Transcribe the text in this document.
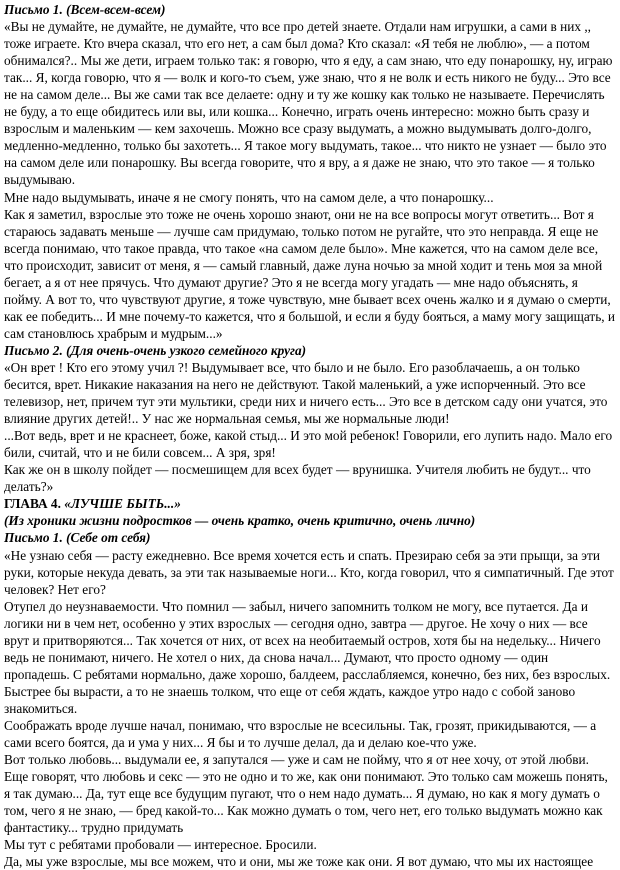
Письмо 1. (Всем-всем-всем)

«Вы не думайте, не думайте, не думайте, что все про детей знаете. Отдали нам игрушки, а сами в них ,, тоже играете. Кто вчера сказал, что его нет, а сам был дома? Кто сказал: «Я тебя не люблю», — а потом обнимался?.. Мы же дети, играем только так: я говорю, что я еду, а сам знаю, что еду понарошку, ну, играю так... Я, когда говорю, что я — волк и кого-то съем, уже знаю, что я не волк и есть никого не буду... Это все не на самом деле... Вы же сами так все делаете: одну и ту же кошку как только не называете. Перечислять не буду, а то еще обидитесь или вы, или кошка... Конечно, играть очень интересно: можно быть сразу и взрослым и маленьким — кем захочешь. Можно все сразу выдумать, а можно выдумывать долго-долго, медленно-медленно, только бы захотеть... Я такое могу выдумать, такое... что никто не узнает — было это на самом деле или понарошку. Вы всегда говорите, что я вру, а я даже не знаю, что это такое — я только выдумываю.

Мне надо выдумывать, иначе я не смогу понять, что на самом деле, а что понарошку...

Как я заметил, взрослые это тоже не очень хорошо знают, они не на все вопросы могут ответить... Вот я стараюсь задавать меньше — лучше сам придумаю, только потом не ругайте, что это неправда. Я еще не всегда понимаю, что такое правда, что такое «на самом деле было». Мне кажется, что на самом деле все, что происходит, зависит от меня, я — самый главный, даже луна ночью за мной ходит и тень моя за мной бегает, а я от нее прячусь. Что думают другие? Это я не всегда могу угадать — мне надо объяснять, я пойму. А вот то, что чувствуют другие, я тоже чувствую, мне бывает всех очень жалко и я думаю о смерти, как ее победить... И мне почему-то кажется, что я большой, и если я буду бояться, а маму могу защищать, и сам становлюсь храбрым и мудрым...»

Письмо 2. (Для очень-очень узкого семейного круга)

«Он врет ! Кто его этому учил ?! Выдумывает все, что было и не было. Его разоблачаешь, а он только бесится, врет. Никакие наказания на него не действуют. Такой маленький, а уже испорченный. Это все телевизор, нет, причем тут эти мультики, среди них и ничего есть... Это все в детском саду они учатся, это влияние других детей!.. У нас же нормальная семья, мы же нормальные люди!

...Вот ведь, врет и не краснеет, боже, какой стыд... И это мой ребенок! Говорили, его лупить надо. Мало его били, считай, что и не били совсем... А зря, зря!

Как же он в школу пойдет — посмешищем для всех будет — врунишка. Учителя любить не будут... что делать?»

ГЛАВА 4. «ЛУЧШЕ БЫТЬ...»

(Из хроники жизни подростков — очень кратко, очень критично, очень лично)

Письмо 1. (Себе от себя)

«Не узнаю себя — расту ежедневно. Все время хочется есть и спать. Презираю себя за эти прыщи, за эти руки, которые некуда девать, за эти так называемые ноги... Кто, когда говорил, что я симпатичный. Где этот человек? Нет его?

Отупел до неузнаваемости. Что помнил — забыл, ничего запомнить толком не могу, все путается. Да и логики ни в чем нет, особенно у этих взрослых — сегодня одно, завтра — другое. Не хочу о них — все врут и притворяются... Так хочется от них, от всех на необитаемый остров, хотя бы на недельку... Ничего ведь не понимают, ничего. Не хотел о них, да снова начал... Думают, что просто одному — один пропадешь. С ребятами нормально, даже хорошо, балдеем, расслабляемся, конечно, без них, без взрослых.

Быстрее бы вырасти, а то не знаешь толком, что еще от себя ждать, каждое утро надо с собой заново знакомиться.

Соображать вроде лучше начал, понимаю, что взрослые не всесильны. Так, грозят, прикидываются, — а сами всего боятся, да и ума у них... Я бы и то лучше делал, да и делаю кое-что уже.

Вот только любовь... выдумали ее, я запутался — уже и сам не пойму, что я от нее хочу, от этой любви. Еще говорят, что любовь и секс — это не одно и то же, как они понимают. Это только сам можешь понять, я так думаю... Да, тут еще все будущим пугают, что о нем надо думать... Я думаю, но как я могу думать о том, чего я не знаю, — бред какой-то... Как можно думать о том, чего нет, его только выдумать можно как фантастику... трудно придумать

Мы тут с ребятами пробовали — интересное. Бросили.

Да, мы уже взрослые, мы все можем, что и они, мы же тоже как они. Я вот думаю, что мы их настоящее
